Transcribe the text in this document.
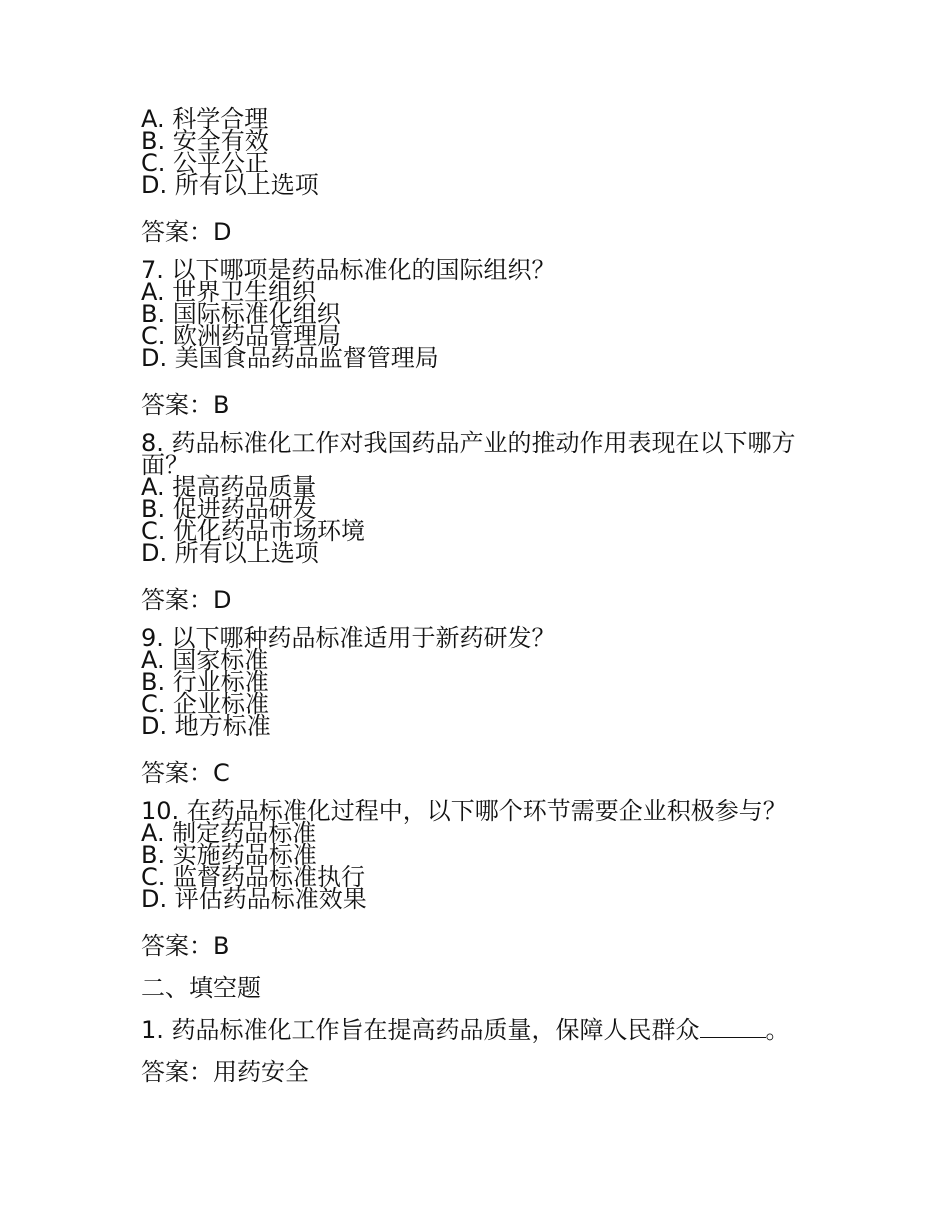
A. 科学合理
B. 安全有效
C. 公平公正
D. 所有以上选项
答案：D
7. 以下哪项是药品标准化的国际组织？
A. 世界卫生组织
B. 国际标准化组织
C. 欧洲药品管理局
D. 美国食品药品监督管理局
答案：B
8. 药品标准化工作对我国药品产业的推动作用表现在以下哪方面？
A. 提高药品质量
B. 促进药品研发
C. 优化药品市场环境
D. 所有以上选项
答案：D
9. 以下哪种药品标准适用于新药研发？
A. 国家标准
B. 行业标准
C. 企业标准
D. 地方标准
答案：C
10. 在药品标准化过程中，以下哪个环节需要企业积极参与？
A. 制定药品标准
B. 实施药品标准
C. 监督药品标准执行
D. 评估药品标准效果
答案：B
二、填空题
1. 药品标准化工作旨在提高药品质量，保障人民群众	。
答案：用药安全
